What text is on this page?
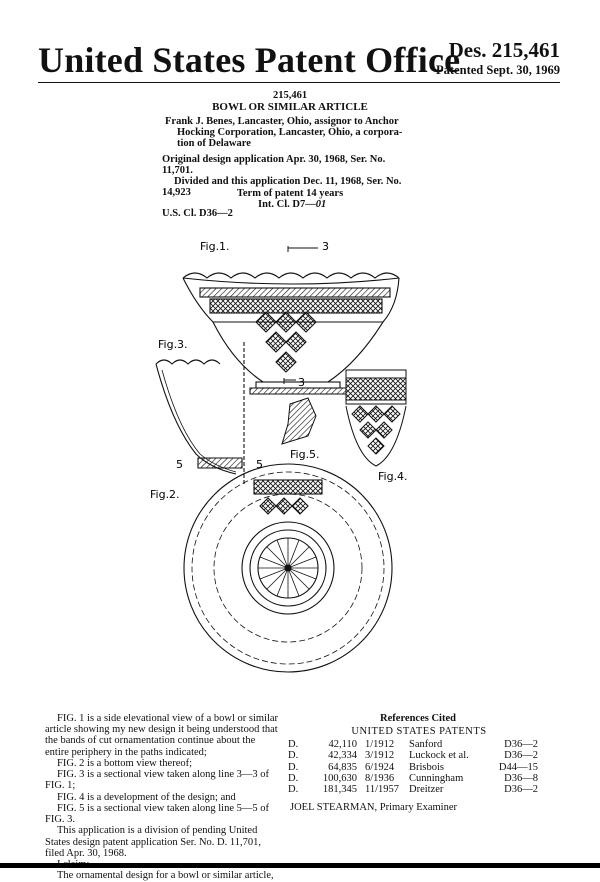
United States Patent Office
Des. 215,461
Patented Sept. 30, 1969
215,461
BOWL OR SIMILAR ARTICLE
Frank J. Benes, Lancaster, Ohio, assignor to Anchor
Hocking Corporation, Lancaster, Ohio, a corpora-
tion of Delaware
Original design application Apr. 30, 1968, Ser. No. 11,701.
Divided and this application Dec. 11, 1968, Ser. No.
14,923	Term of patent 14 years
Int. Cl. D7—01
U.S. Cl. D36—2
Fig.1.	3
Fig.3.
3
5	5
Fig.5.
Fig.4.
Fig.2.

FIG. 1 is a side elevational view of a bowl or similar article showing my new design it being understood that the bands of cut ornamentation continue about the entire periphery in the paths indicated;

FIG. 2 is a bottom view thereof;

FIG. 3 is a sectional view taken along line 3—3 of FIG. 1;

FIG. 4 is a development of the design; and

FIG. 5 is a sectional view taken along line 5—5 of FIG. 3.

This application is a division of pending United States design patent application Ser. No. D. 11,701, filed Apr. 30, 1968.

The ornamental design for a bowl or similar article,

References Cited
UNITED STATES PATENTS
D.	42,110	1/1912	Sanford	D36—2
D.	42,334	3/1912	Luckock et al.	D36—2
D.	64,835	6/1924	Brisbois	D44—15
D.	100,630	8/1936	Cunningham	D36—8
D.	181,345	11/1957	Dreitzer	D36—2
JOEL STEARMAN, Primary Examiner
